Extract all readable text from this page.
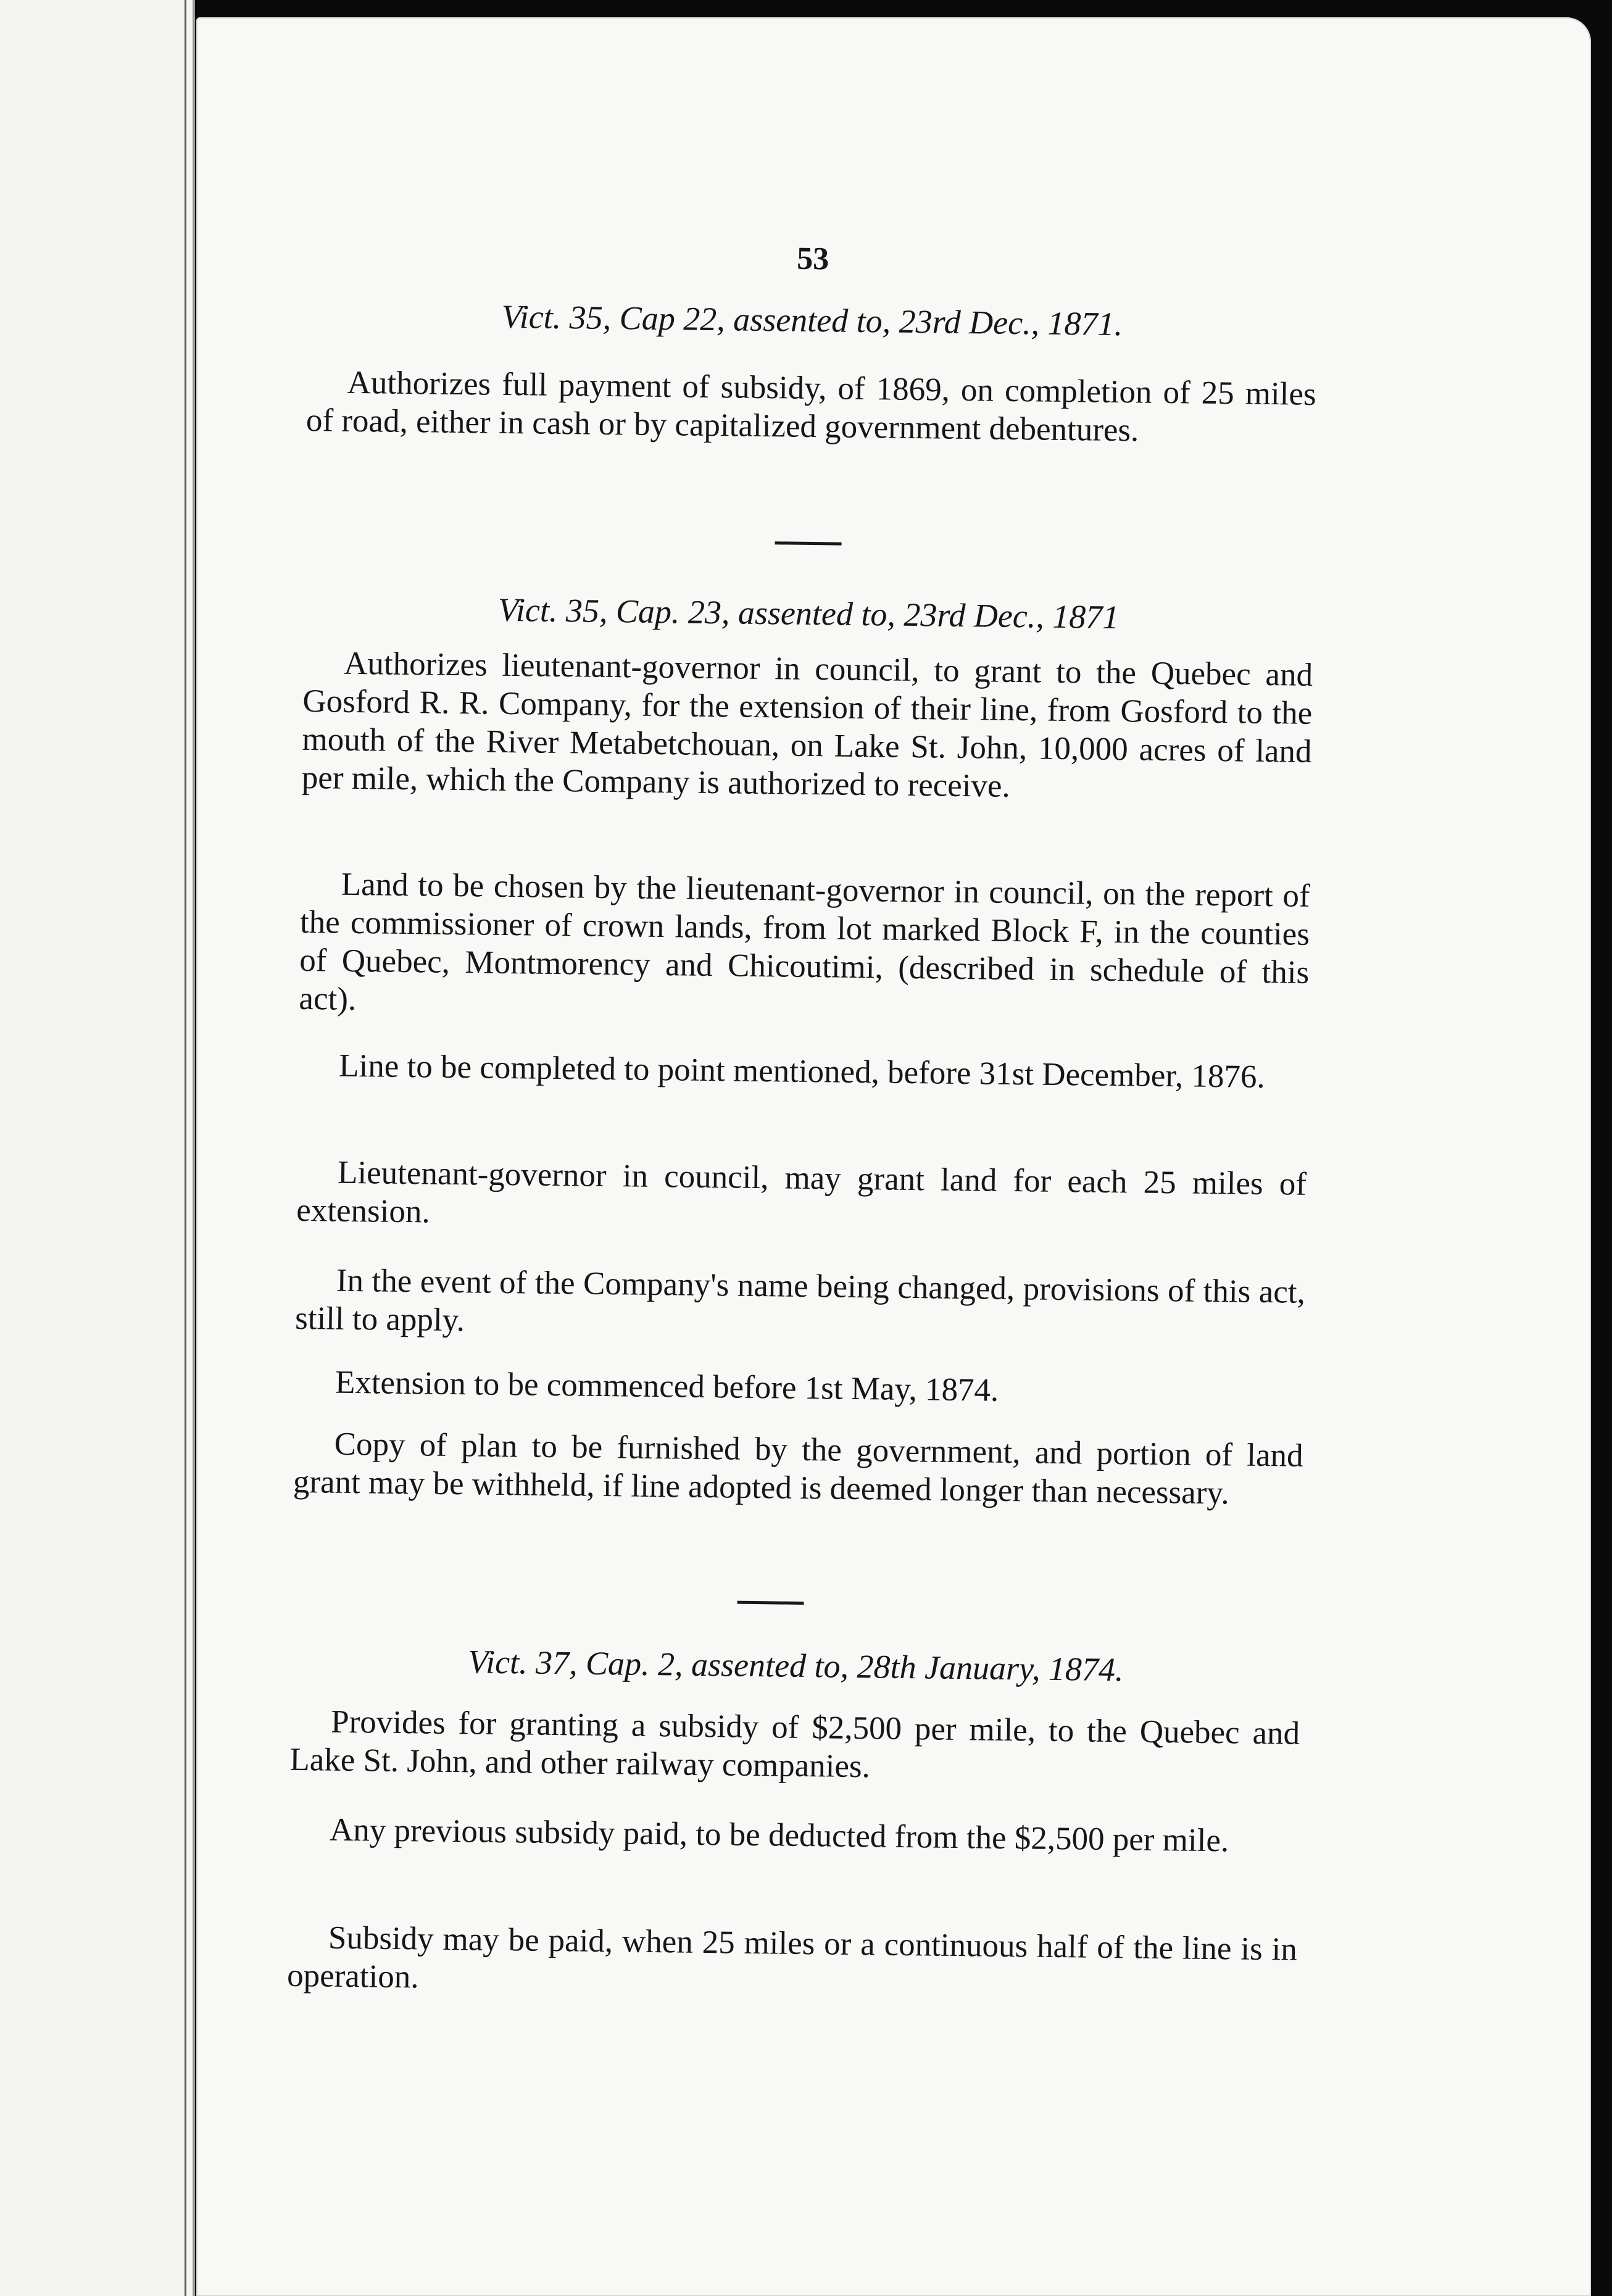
53
Vict. 35, Cap 22, assented to, 23rd Dec., 1871.

Authorizes full payment of subsidy, of 1869, on completion of 25 miles of road, either in cash or by capitalized government debentures.

Vict. 35, Cap. 23, assented to, 23rd Dec., 1871

Authorizes lieutenant-governor in council, to grant to the Quebec and Gosford R. R. Company, for the extension of their line, from Gosford to the mouth of the River Metabetchouan, on Lake St. John, 10,000 acres of land per mile, which the Company is authorized to receive.

Land to be chosen by the lieutenant-governor in council, on the report of the commissioner of crown lands, from lot marked Block F, in the counties of Quebec, Montmorency and Chicoutimi, (described in schedule of this act).

Line to be completed to point mentioned, before 31st December, 1876.

Lieutenant-governor in council, may grant land for each 25 miles of extension.

In the event of the Company's name being changed, provisions of this act, still to apply.

Extension to be commenced before 1st May, 1874.

Copy of plan to be furnished by the government, and portion of land grant may be withheld, if line adopted is deemed longer than necessary.

Vict. 37, Cap. 2, assented to, 28th January, 1874.

Provides for granting a subsidy of $2,500 per mile, to the Quebec and Lake St. John, and other railway companies.

Any previous subsidy paid, to be deducted from the $2,500 per mile.

Subsidy may be paid, when 25 miles or a continuous half of the line is in operation.
